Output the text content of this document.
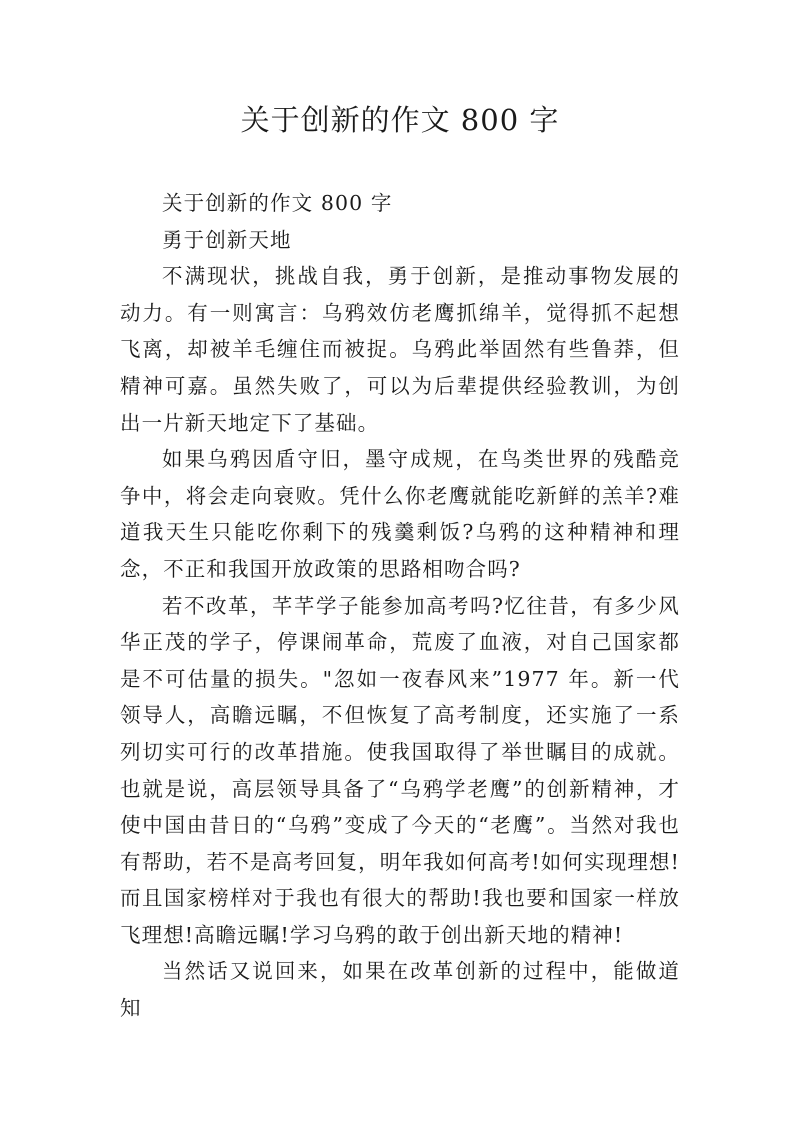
关于创新的作文 800 字

关于创新的作文 800 字

勇于创新天地

不满现状，挑战自我，勇于创新，是推动事物发展的动力。有一则寓言：乌鸦效仿老鹰抓绵羊，觉得抓不起想飞离，却被羊毛缠住而被捉。乌鸦此举固然有些鲁莽，但精神可嘉。虽然失败了，可以为后辈提供经验教训，为创出一片新天地定下了基础。

如果乌鸦因盾守旧，墨守成规，在鸟类世界的残酷竞争中，将会走向衰败。凭什么你老鹰就能吃新鲜的羔羊?难道我天生只能吃你剩下的残羹剩饭?乌鸦的这种精神和理念，不正和我国开放政策的思路相吻合吗?

若不改革，芊芊学子能参加高考吗?忆往昔，有多少风华正茂的学子，停课闹革命，荒废了血液，对自己国家都是不可估量的损失。"忽如一夜春风来”1977 年。新一代领导人，高瞻远瞩，不但恢复了高考制度，还实施了一系列切实可行的改革措施。使我国取得了举世瞩目的成就。也就是说，高层领导具备了“乌鸦学老鹰”的创新精神，才使中国由昔日的“乌鸦”变成了今天的“老鹰”。当然对我也有帮助，若不是高考回复，明年我如何高考!如何实现理想!而且国家榜样对于我也有很大的帮助!我也要和国家一样放飞理想!高瞻远瞩!学习乌鸦的敢于创出新天地的精神!

当然话又说回来，如果在改革创新的过程中，能做道知
